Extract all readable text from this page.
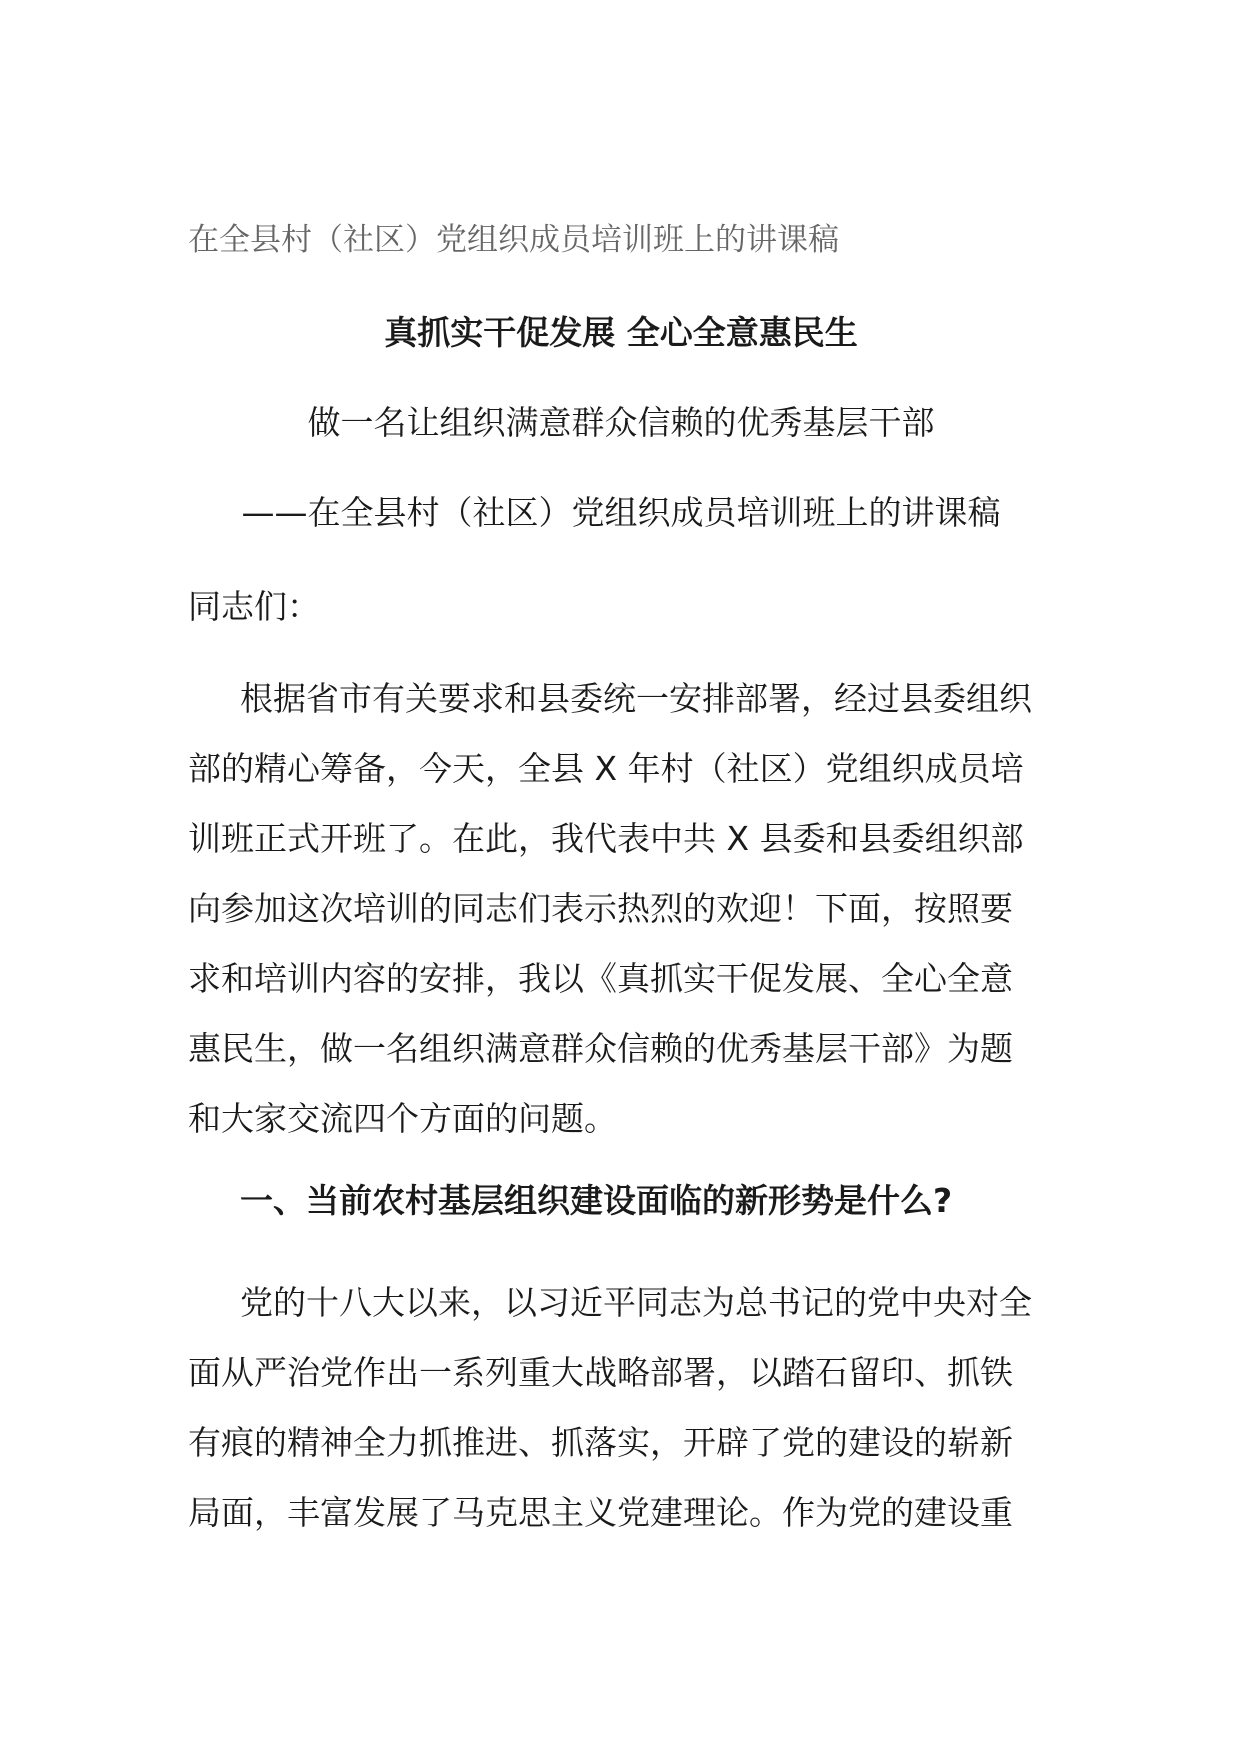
在全县村（社区）党组织成员培训班上的讲课稿
真抓实干促发展 全心全意惠民生
做一名让组织满意群众信赖的优秀基层干部
——在全县村（社区）党组织成员培训班上的讲课稿
同志们：
根据省市有关要求和县委统一安排部署，经过县委组织
部的精心筹备，今天，全县 X 年村（社区）党组织成员培
训班正式开班了。在此，我代表中共 X 县委和县委组织部
向参加这次培训的同志们表示热烈的欢迎！下面，按照要
求和培训内容的安排，我以《真抓实干促发展、全心全意
惠民生，做一名组织满意群众信赖的优秀基层干部》为题
和大家交流四个方面的问题。
一、当前农村基层组织建设面临的新形势是什么?
党的十八大以来，以习近平同志为总书记的党中央对全
面从严治党作出一系列重大战略部署，以踏石留印、抓铁
有痕的精神全力抓推进、抓落实，开辟了党的建设的崭新
局面，丰富发展了马克思主义党建理论。作为党的建设重
